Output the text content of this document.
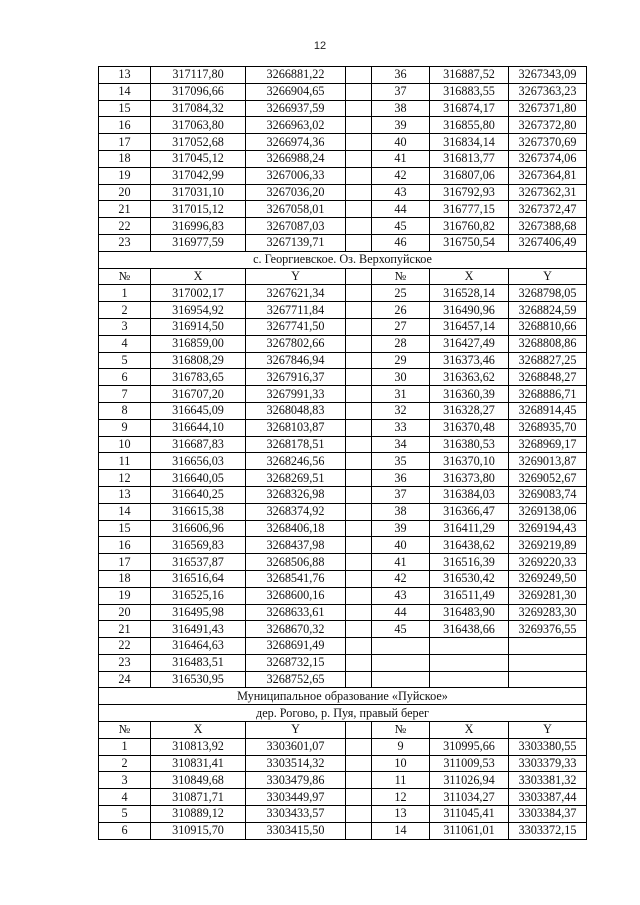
12
13	317117,80	3266881,22		36	316887,52	3267343,09
14	317096,66	3266904,65		37	316883,55	3267363,23
15	317084,32	3266937,59		38	316874,17	3267371,80
16	317063,80	3266963,02		39	316855,80	3267372,80
17	317052,68	3266974,36		40	316834,14	3267370,69
18	317045,12	3266988,24		41	316813,77	3267374,06
19	317042,99	3267006,33		42	316807,06	3267364,81
20	317031,10	3267036,20		43	316792,93	3267362,31
21	317015,12	3267058,01		44	316777,15	3267372,47
22	316996,83	3267087,03		45	316760,82	3267388,68
23	316977,59	3267139,71		46	316750,54	3267406,49
с. Георгиевское. Оз. Верхопуйское						
№	X	Y		№	X	Y
1	317002,17	3267621,34		25	316528,14	3268798,05
2	316954,92	3267711,84		26	316490,96	3268824,59
3	316914,50	3267741,50		27	316457,14	3268810,66
4	316859,00	3267802,66		28	316427,49	3268808,86
5	316808,29	3267846,94		29	316373,46	3268827,25
6	316783,65	3267916,37		30	316363,62	3268848,27
7	316707,20	3267991,33		31	316360,39	3268886,71
8	316645,09	3268048,83		32	316328,27	3268914,45
9	316644,10	3268103,87		33	316370,48	3268935,70
10	316687,83	3268178,51		34	316380,53	3268969,17
11	316656,03	3268246,56		35	316370,10	3269013,87
12	316640,05	3268269,51		36	316373,80	3269052,67
13	316640,25	3268326,98		37	316384,03	3269083,74
14	316615,38	3268374,92		38	316366,47	3269138,06
15	316606,96	3268406,18		39	316411,29	3269194,43
16	316569,83	3268437,98		40	316438,62	3269219,89
17	316537,87	3268506,88		41	316516,39	3269220,33
18	316516,64	3268541,76		42	316530,42	3269249,50
19	316525,16	3268600,16		43	316511,49	3269281,30
20	316495,98	3268633,61		44	316483,90	3269283,30
21	316491,43	3268670,32		45	316438,66	3269376,55
22	316464,63	3268691,49				
23	316483,51	3268732,15				
24	316530,95	3268752,65				
Муниципальное образование «Пуйское»						
дер. Рогово, р. Пуя, правый берег						
№	X	Y		№	X	Y
1	310813,92	3303601,07		9	310995,66	3303380,55
2	310831,41	3303514,32		10	311009,53	3303379,33
3	310849,68	3303479,86		11	311026,94	3303381,32
4	310871,71	3303449,97		12	311034,27	3303387,44
5	310889,12	3303433,57		13	311045,41	3303384,37
6	310915,70	3303415,50		14	311061,01	3303372,15
